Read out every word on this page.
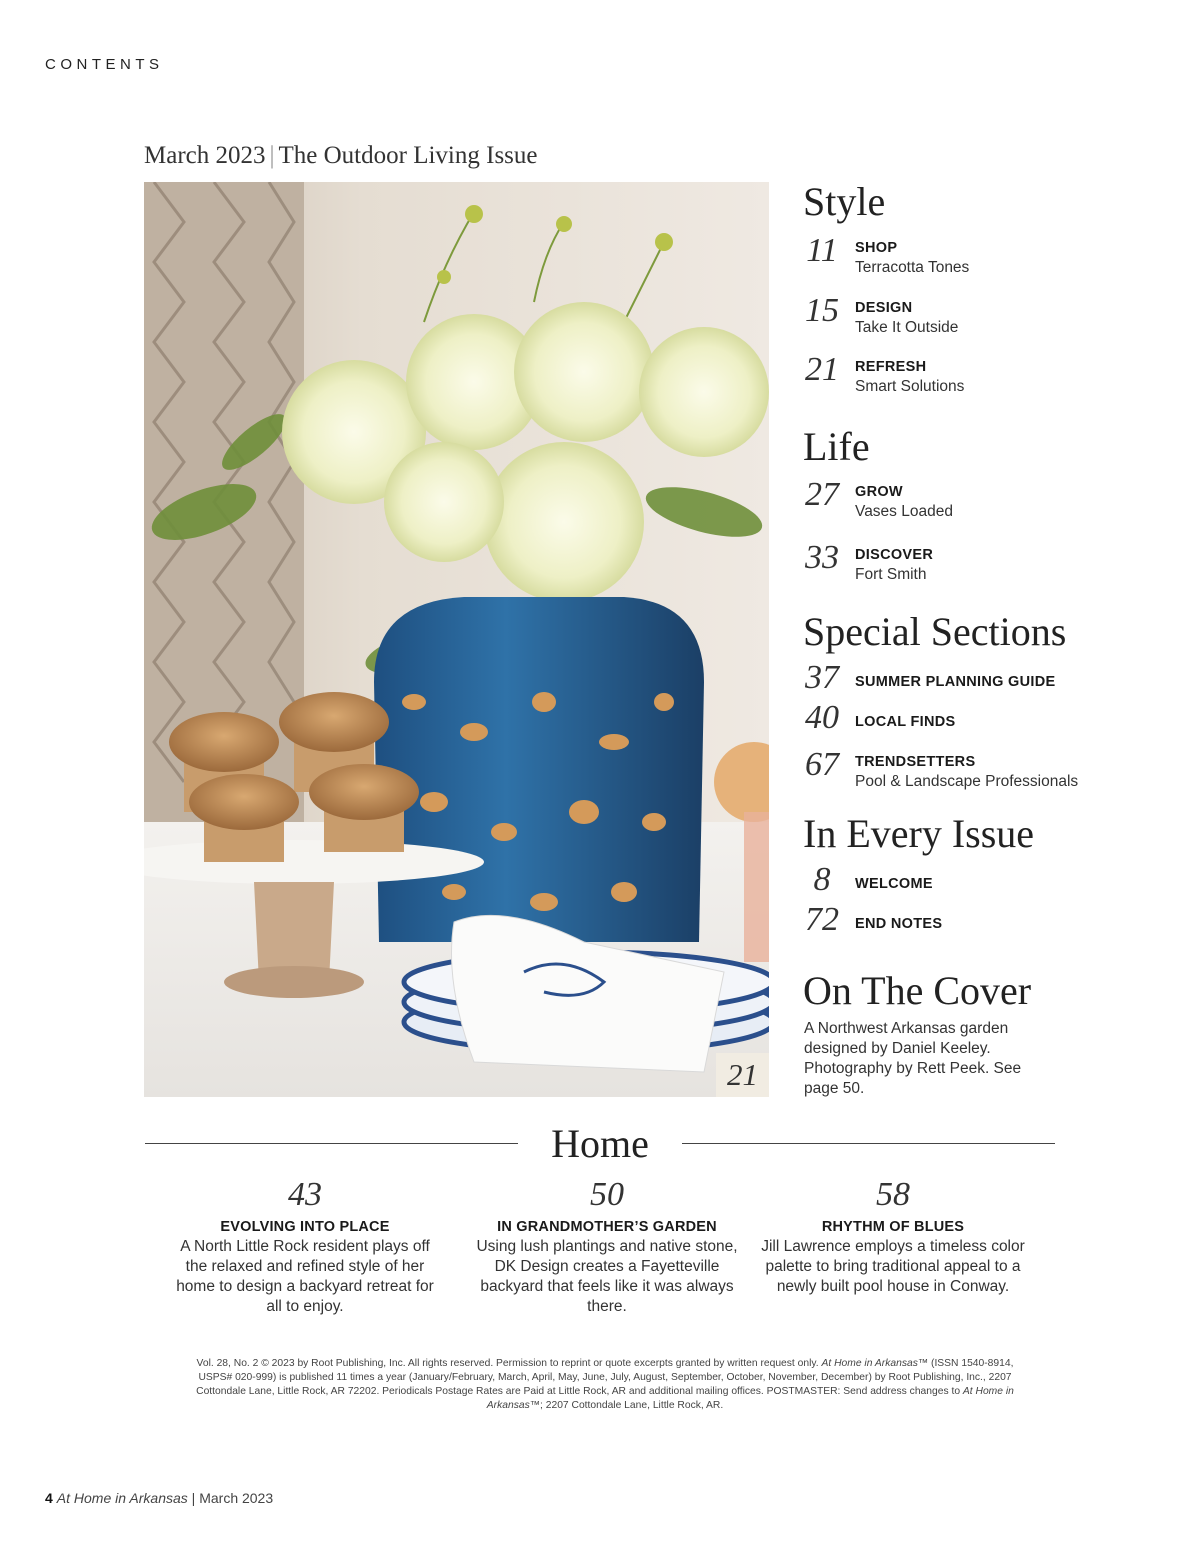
CONTENTS
March 2023 | The Outdoor Living Issue
21
Style
11	SHOP
Terracotta Tones
15	DESIGN
Take It Outside
21	REFRESH
Smart Solutions
Life
27	GROW
Vases Loaded
33	DISCOVER
Fort Smith
Special Sections
37	SUMMER PLANNING GUIDE
40	LOCAL FINDS
67	TRENDSETTERS
Pool & Landscape Professionals
In Every Issue
8	WELCOME
72	END NOTES
On The Cover
A Northwest Arkansas garden designed by Daniel Keeley. Photography by Rett Peek. See page 50.
Home
43
EVOLVING INTO PLACE
A North Little Rock resident plays off the relaxed and refined style of her home to design a backyard retreat for all to enjoy.
50
IN GRANDMOTHER’S GARDEN
Using lush plantings and native stone, DK Design creates a Fayetteville backyard that feels like it was always there.
58
RHYTHM OF BLUES
Jill Lawrence employs a timeless color palette to bring traditional appeal to a newly built pool house in Conway.
Vol. 28, No. 2 © 2023 by Root Publishing, Inc. All rights reserved. Permission to reprint or quote excerpts granted by written request only. At Home in Arkansas™ (ISSN 1540-8914, USPS# 020-999) is published 11 times a year (January/February, March, April, May, June, July, August, September, October, November, December) by Root Publishing, Inc., 2207 Cottondale Lane, Little Rock, AR 72202. Periodicals Postage Rates are Paid at Little Rock, AR and additional mailing offices. POSTMASTER: Send address changes to At Home in Arkansas™; 2207 Cottondale Lane, Little Rock, AR.
4 At Home in Arkansas | March 2023
